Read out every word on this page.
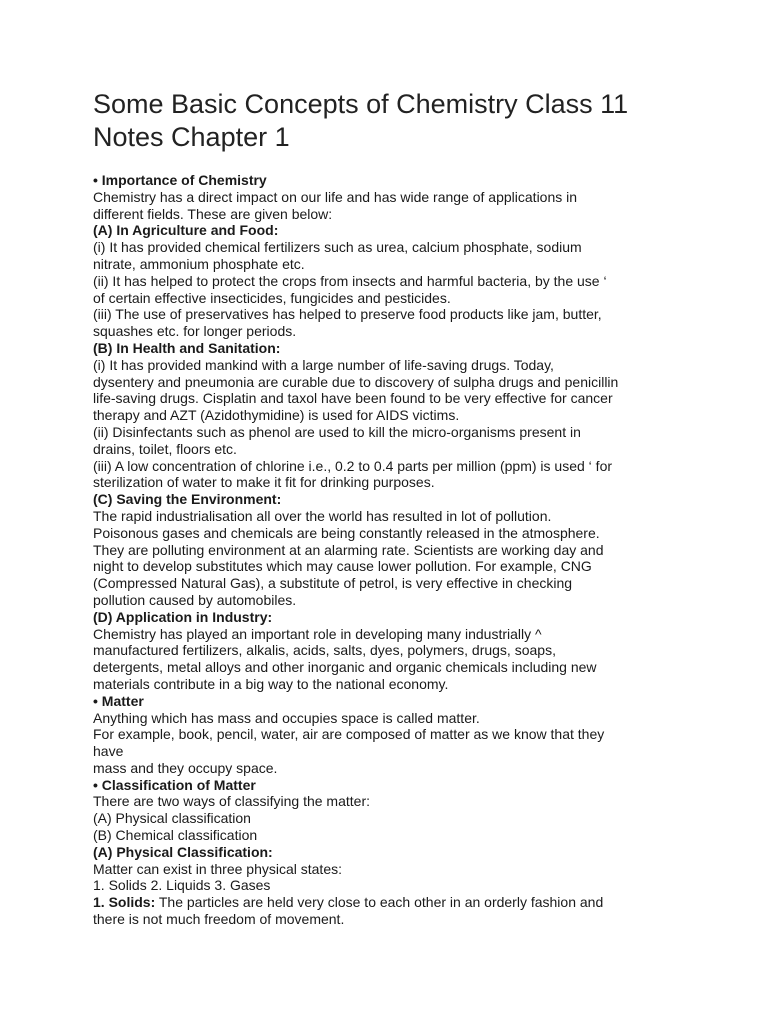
Some Basic Concepts of Chemistry Class 11
Notes Chapter 1
• Importance of Chemistry
Chemistry has a direct impact on our life and has wide range of applications in
different fields. These are given below:
(A) In Agriculture and Food:
(i) It has provided chemical fertilizers such as urea, calcium phosphate, sodium
nitrate, ammonium phosphate etc.
(ii) It has helped to protect the crops from insects and harmful bacteria, by the use ‘
of certain effective insecticides, fungicides and pesticides.
(iii) The use of preservatives has helped to preserve food products like jam, butter,
squashes etc. for longer periods.
(B) In Health and Sanitation:
(i) It has provided mankind with a large number of life-saving drugs. Today,
dysentery and pneumonia are curable due to discovery of sulpha drugs and penicillin
life-saving drugs. Cisplatin and taxol have been found to be very effective for cancer
therapy and AZT (Azidothymidine) is used for AIDS victims.
(ii) Disinfectants such as phenol are used to kill the micro-organisms present in
drains, toilet, floors etc.
(iii) A low concentration of chlorine i.e., 0.2 to 0.4 parts per million (ppm) is used ‘ for
sterilization of water to make it fit for drinking purposes.
(C) Saving the Environment:
The rapid industrialisation all over the world has resulted in lot of pollution.
Poisonous gases and chemicals are being constantly released in the atmosphere.
They are polluting environment at an alarming rate. Scientists are working day and
night to develop substitutes which may cause lower pollution. For example, CNG
(Compressed Natural Gas), a substitute of petrol, is very effective in checking
pollution caused by automobiles.
(D) Application in Industry:
Chemistry has played an important role in developing many industrially ^
manufactured fertilizers, alkalis, acids, salts, dyes, polymers, drugs, soaps,
detergents, metal alloys and other inorganic and organic chemicals including new
materials contribute in a big way to the national economy.
• Matter
Anything which has mass and occupies space is called matter.
For example, book, pencil, water, air are composed of matter as we know that they
have
mass and they occupy space.
• Classification of Matter
There are two ways of classifying the matter:
(A) Physical classification
(B) Chemical classification
(A) Physical Classification:
Matter can exist in three physical states:
1. Solids 2. Liquids 3. Gases
1. Solids: The particles are held very close to each other in an orderly fashion and
there is not much freedom of movement.
